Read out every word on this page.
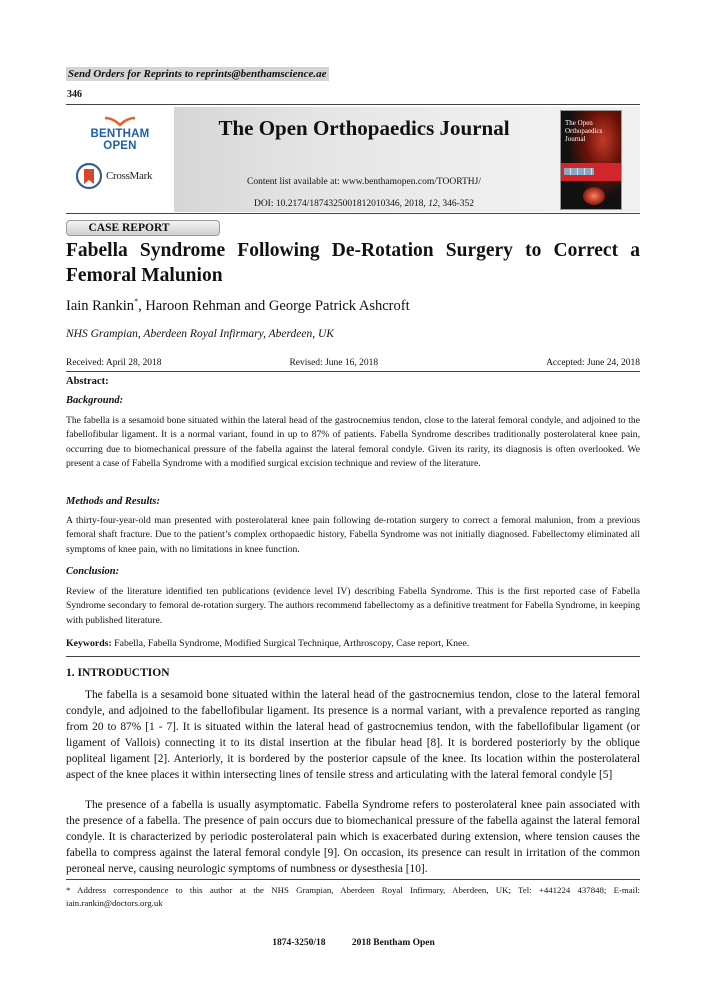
Send Orders for Reprints to reprints@benthamscience.ae
346
BENTHAM OPEN
CrossMark
The Open Orthopaedics Journal
Content list available at: www.benthamopen.com/TOORTHJ/
DOI: 10.2174/1874325001812010346, 2018, 12, 346-352
The Open Orthopaedics Journal
CASE REPORT
Fabella Syndrome Following De-Rotation Surgery to Correct a Femoral Malunion
Iain Rankin*, Haroon Rehman and George Patrick Ashcroft
NHS Grampian, Aberdeen Royal Infirmary, Aberdeen, UK
Received: April 28, 2018	Revised: June 16, 2018	Accepted: June 24, 2018
Abstract:
Background:

The fabella is a sesamoid bone situated within the lateral head of the gastrocnemius tendon, close to the lateral femoral condyle, and adjoined to the fabellofibular ligament. It is a normal variant, found in up to 87% of patients. Fabella Syndrome describes traditionally posterolateral knee pain, occurring due to biomechanical pressure of the fabella against the lateral femoral condyle. Given its rarity, its diagnosis is often overlooked. We present a case of Fabella Syndrome with a modified surgical excision technique and review of the literature.

Methods and Results:

A thirty-four-year-old man presented with posterolateral knee pain following de-rotation surgery to correct a femoral malunion, from a previous femoral shaft fracture. Due to the patient’s complex orthopaedic history, Fabella Syndrome was not initially diagnosed. Fabellectomy eliminated all symptoms of knee pain, with no limitations in knee function.

Conclusion:

Review of the literature identified ten publications (evidence level IV) describing Fabella Syndrome. This is the first reported case of Fabella Syndrome secondary to femoral de-rotation surgery. The authors recommend fabellectomy as a definitive treatment for Fabella Syndrome, in keeping with published literature.

Keywords: Fabella, Fabella Syndrome, Modified Surgical Technique, Arthroscopy, Case report, Knee.
1. INTRODUCTION

The fabella is a sesamoid bone situated within the lateral head of the gastrocnemius tendon, close to the lateral femoral condyle, and adjoined to the fabellofibular ligament. Its presence is a normal variant, with a prevalence reported as ranging from 20 to 87% [1 - 7]. It is situated within the lateral head of gastrocnemius tendon, with the fabellofibular ligament (or ligament of Vallois) connecting it to its distal insertion at the fibular head [8]. It is bordered posteriorly by the oblique popliteal ligament [2]. Anteriorly, it is bordered by the posterior capsule of the knee. Its location within the posterolateral aspect of the knee places it within intersecting lines of tensile stress and articulating with the lateral femoral condyle [5]

The presence of a fabella is usually asymptomatic. Fabella Syndrome refers to posterolateral knee pain associated with the presence of a fabella. The presence of pain occurs due to biomechanical pressure of the fabella against the lateral femoral condyle. It is characterized by periodic posterolateral pain which is exacerbated during extension, where tension causes the fabella to compress against the lateral femoral condyle [9]. On occasion, its presence can result in irritation of the common peroneal nerve, causing neurologic symptoms of numbness or dysesthesia [10].

* Address correspondence to this author at the NHS Grampian, Aberdeen Royal Infirmary, Aberdeen, UK; Tel: +441224 437848; E-mail: iain.rankin@doctors.org.uk
1874-3250/18	2018 Bentham Open
